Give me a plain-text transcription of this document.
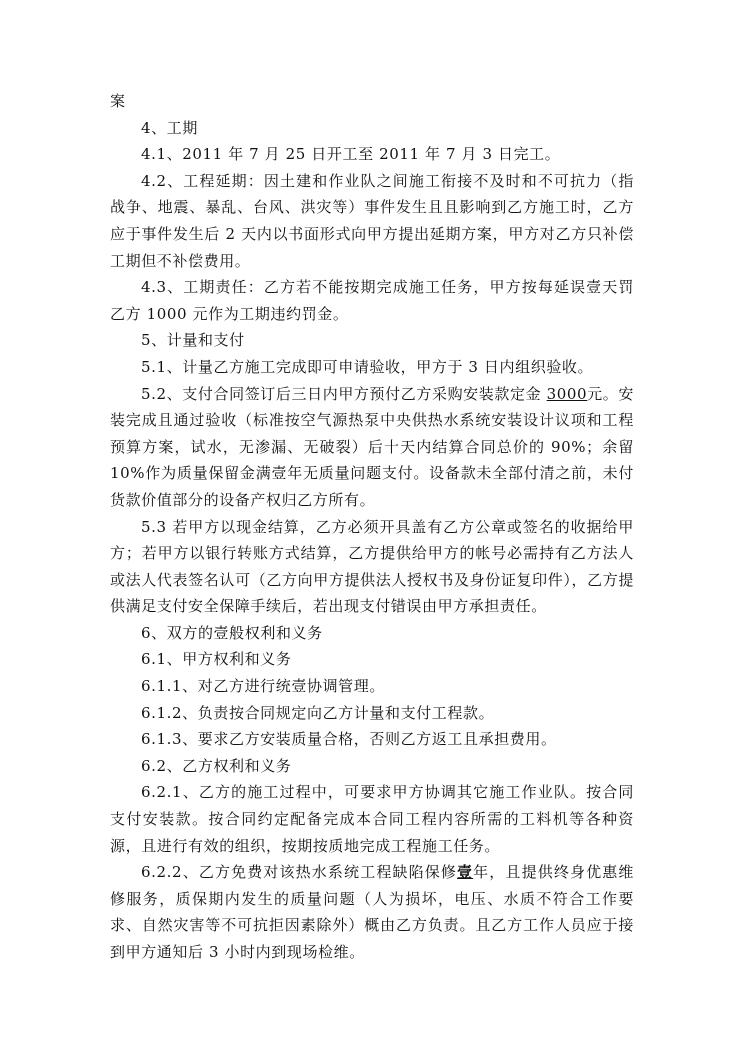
案

4、工期

4.1、2011 年 7 月 25 日开工至 2011 年 7 月 3 日完工。

4.2、工程延期：因土建和作业队之间施工衔接不及时和不可抗力（指战争、地震、暴乱、台风、洪灾等）事件发生且且影响到乙方施工时，乙方应于事件发生后 2 天内以书面形式向甲方提出延期方案，甲方对乙方只补偿工期但不补偿费用。

4.3、工期责任：乙方若不能按期完成施工任务，甲方按每延误壹天罚乙方 1000 元作为工期违约罚金。

5、计量和支付

5.1、计量乙方施工完成即可申请验收，甲方于 3 日内组织验收。

5.2、支付合同签订后三日内甲方预付乙方采购安装款定金 3000元。安装完成且通过验收（标准按空气源热泵中央供热水系统安装设计议项和工程预算方案，试水，无渗漏、无破裂）后十天内结算合同总价的 90%；余留 10%作为质量保留金满壹年无质量问题支付。设备款未全部付清之前，未付货款价值部分的设备产权归乙方所有。

5.3 若甲方以现金结算，乙方必须开具盖有乙方公章或签名的收据给甲方；若甲方以银行转账方式结算，乙方提供给甲方的帐号必需持有乙方法人或法人代表签名认可（乙方向甲方提供法人授权书及身份证复印件），乙方提供满足支付安全保障手续后，若出现支付错误由甲方承担责任。

6、双方的壹般权利和义务

6.1、甲方权利和义务

6.1.1、对乙方进行统壹协调管理。

6.1.2、负责按合同规定向乙方计量和支付工程款。

6.1.3、要求乙方安装质量合格，否则乙方返工且承担费用。

6.2、乙方权利和义务

6.2.1、乙方的施工过程中，可要求甲方协调其它施工作业队。按合同支付安装款。按合同约定配备完成本合同工程内容所需的工料机等各种资源，且进行有效的组织，按期按质地完成工程施工任务。

6.2.2、乙方免费对该热水系统工程缺陷保修壹年，且提供终身优惠维修服务，质保期内发生的质量问题（人为损坏，电压、水质不符合工作要求、自然灾害等不可抗拒因素除外）概由乙方负责。且乙方工作人员应于接到甲方通知后 3 小时内到现场检维。
